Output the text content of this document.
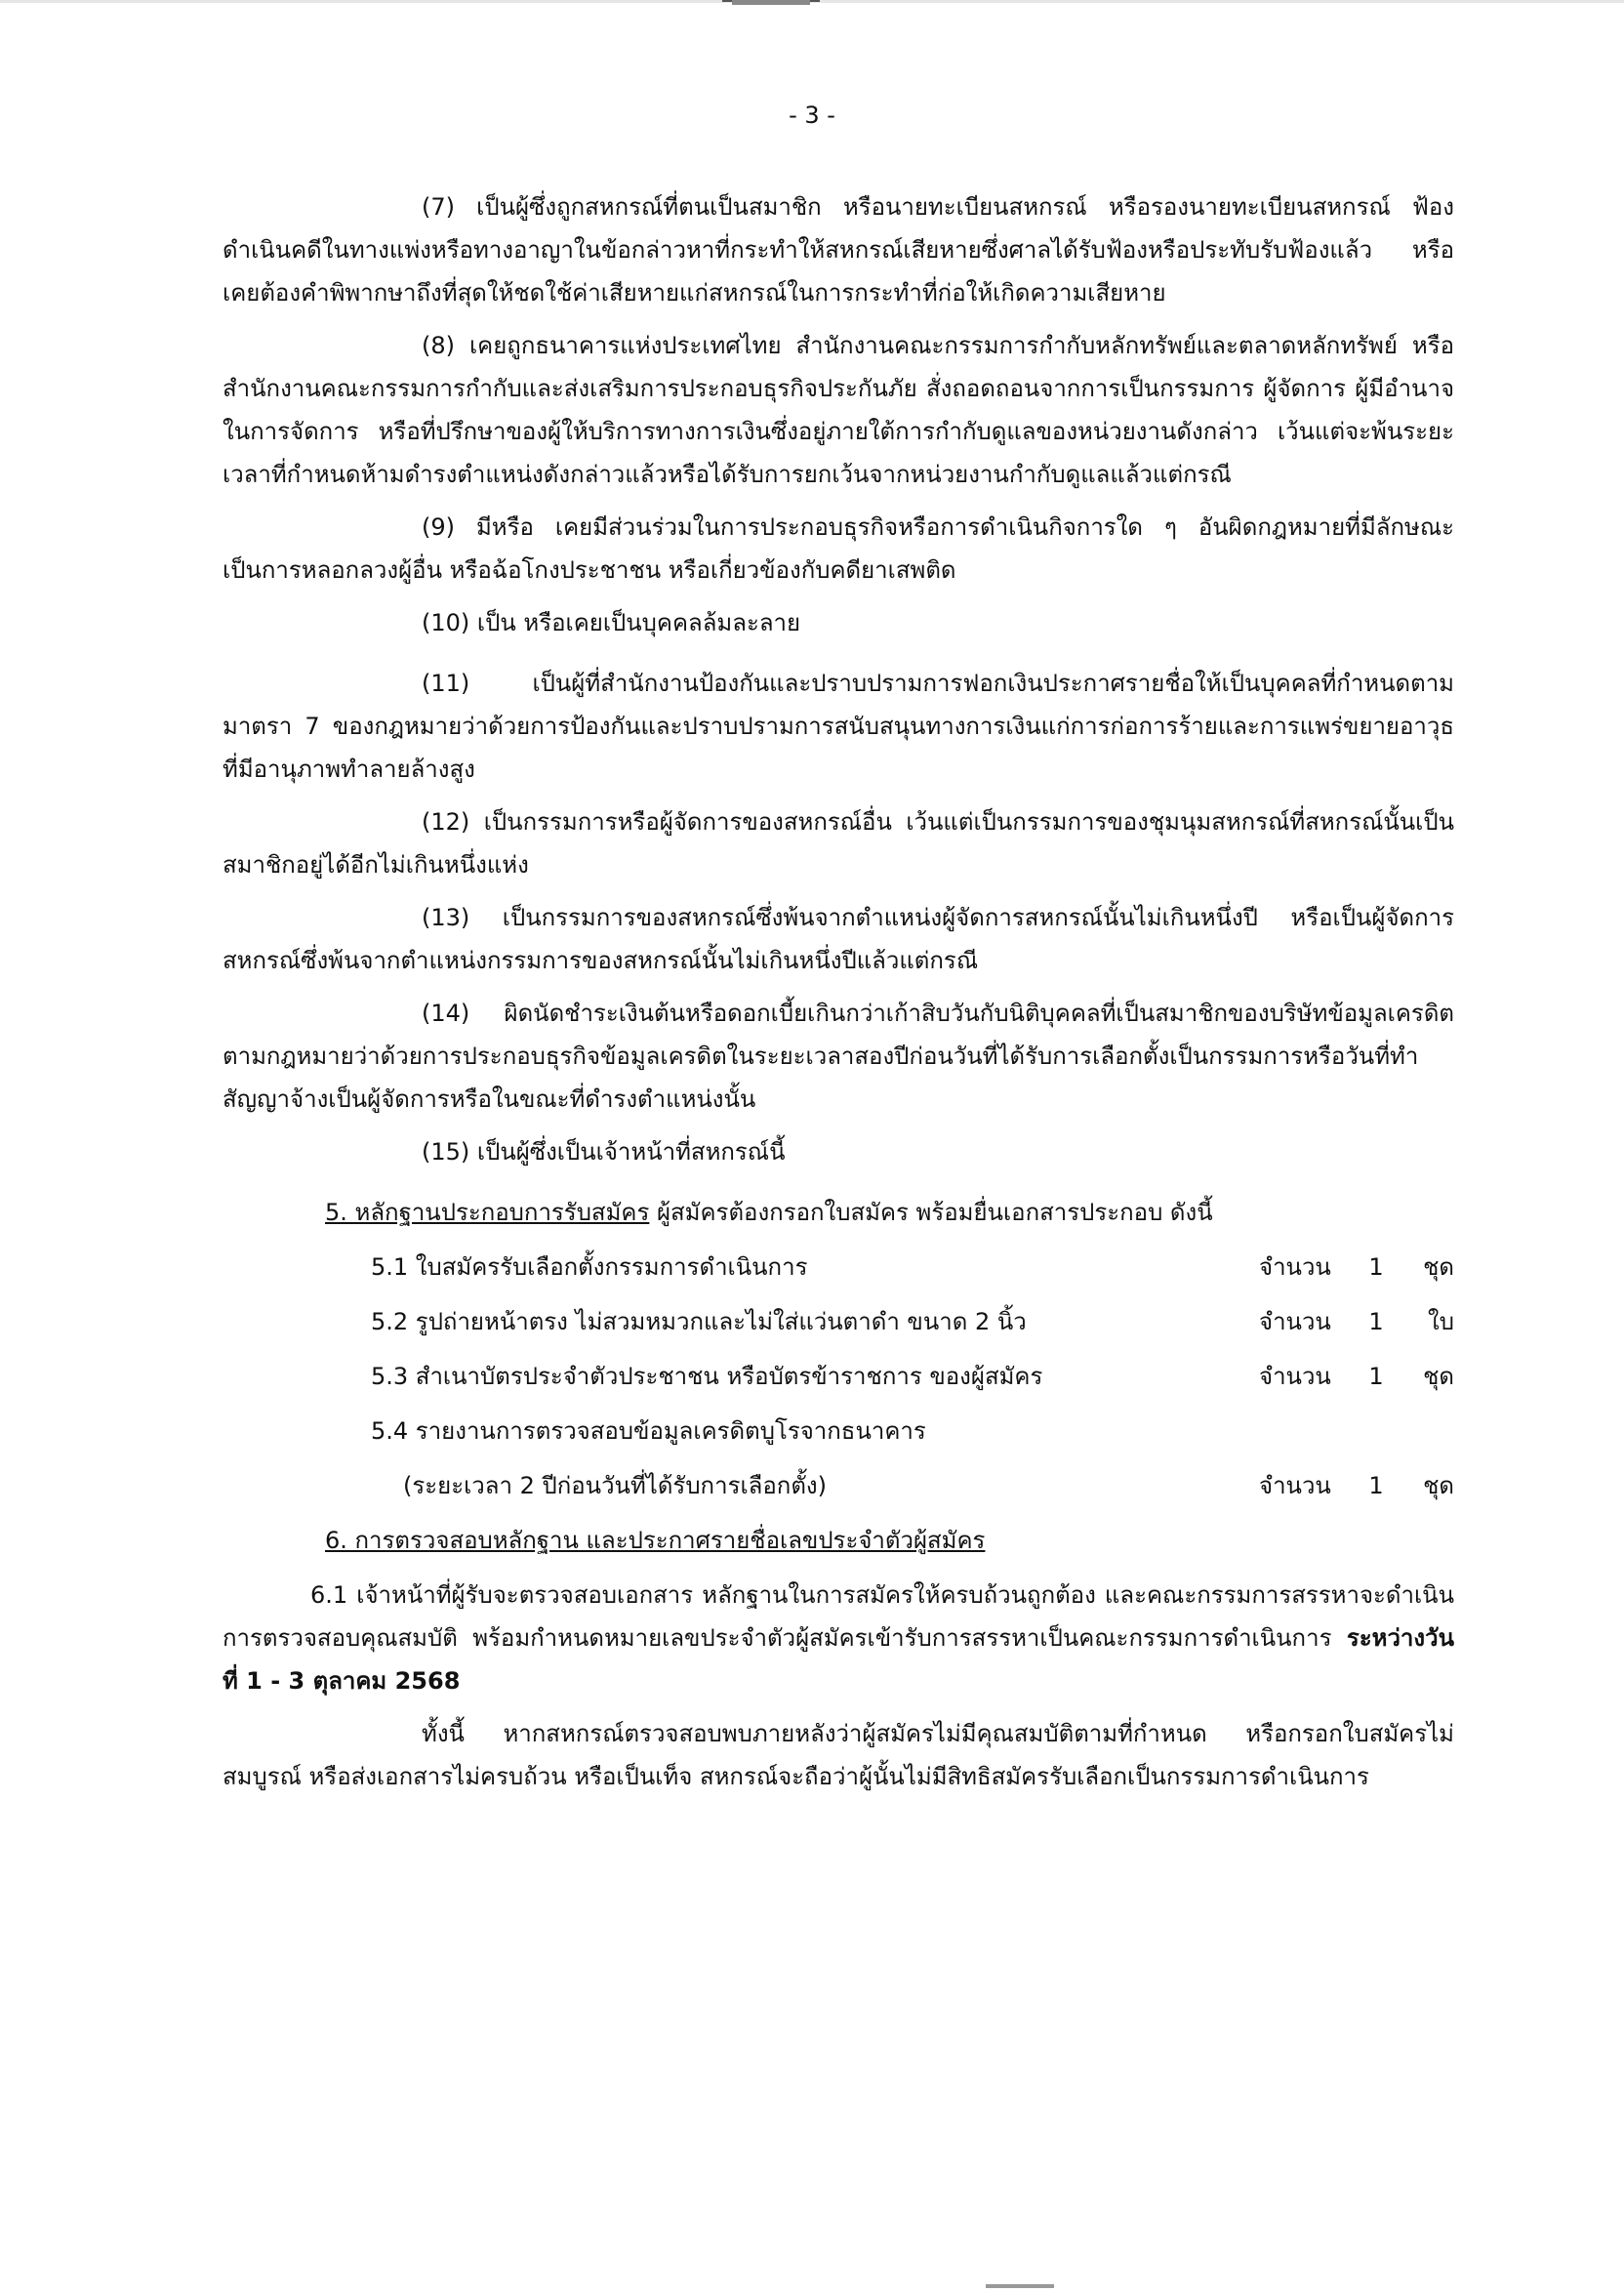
- 3 -

(7) เป็นผู้ซึ่งถูกสหกรณ์ที่ตนเป็นสมาชิก หรือนายทะเบียนสหกรณ์ หรือรองนายทะเบียนสหกรณ์ ฟ้องดำเนินคดีในทางแพ่งหรือทางอาญาในข้อกล่าวหาที่กระทำให้สหกรณ์เสียหายซึ่งศาลได้รับฟ้องหรือประทับรับฟ้องแล้ว หรือเคยต้องคำพิพากษาถึงที่สุดให้ชดใช้ค่าเสียหายแก่สหกรณ์ในการกระทำที่ก่อให้เกิดความเสียหาย

(8) เคยถูกธนาคารแห่งประเทศไทย สำนักงานคณะกรรมการกำกับหลักทรัพย์และตลาดหลักทรัพย์ หรือสำนักงานคณะกรรมการกำกับและส่งเสริมการประกอบธุรกิจประกันภัย สั่งถอดถอนจากการเป็นกรรมการ ผู้จัดการ ผู้มีอำนาจในการจัดการ หรือที่ปรึกษาของผู้ให้บริการทางการเงินซึ่งอยู่ภายใต้การกำกับดูแลของหน่วยงานดังกล่าว เว้นแต่จะพ้นระยะเวลาที่กำหนดห้ามดำรงตำแหน่งดังกล่าวแล้วหรือได้รับการยกเว้นจากหน่วยงานกำกับดูแลแล้วแต่กรณี

(9) มีหรือ เคยมีส่วนร่วมในการประกอบธุรกิจหรือการดำเนินกิจการใด ๆ อันผิดกฎหมายที่มีลักษณะเป็นการหลอกลวงผู้อื่น หรือฉ้อโกงประชาชน หรือเกี่ยวข้องกับคดียาเสพติด

(10) เป็น หรือเคยเป็นบุคคลล้มละลาย

(11) เป็นผู้ที่สำนักงานป้องกันและปราบปรามการฟอกเงินประกาศรายชื่อให้เป็นบุคคลที่กำหนดตามมาตรา 7 ของกฎหมายว่าด้วยการป้องกันและปราบปรามการสนับสนุนทางการเงินแก่การก่อการร้ายและการแพร่ขยายอาวุธที่มีอานุภาพทำลายล้างสูง

(12) เป็นกรรมการหรือผู้จัดการของสหกรณ์อื่น เว้นแต่เป็นกรรมการของชุมนุมสหกรณ์ที่สหกรณ์นั้นเป็นสมาชิกอยู่ได้อีกไม่เกินหนึ่งแห่ง

(13) เป็นกรรมการของสหกรณ์ซึ่งพ้นจากตำแหน่งผู้จัดการสหกรณ์นั้นไม่เกินหนึ่งปี หรือเป็นผู้จัดการสหกรณ์ซึ่งพ้นจากตำแหน่งกรรมการของสหกรณ์นั้นไม่เกินหนึ่งปีแล้วแต่กรณี

(14) ผิดนัดชำระเงินต้นหรือดอกเบี้ยเกินกว่าเก้าสิบวันกับนิติบุคคลที่เป็นสมาชิกของบริษัทข้อมูลเครดิตตามกฎหมายว่าด้วยการประกอบธุรกิจข้อมูลเครดิตในระยะเวลาสองปีก่อนวันที่ได้รับการเลือกตั้งเป็นกรรมการหรือวันที่ทำสัญญาจ้างเป็นผู้จัดการหรือในขณะที่ดำรงตำแหน่งนั้น

(15) เป็นผู้ซึ่งเป็นเจ้าหน้าที่สหกรณ์นี้

5. หลักฐานประกอบการรับสมัคร ผู้สมัครต้องกรอกใบสมัคร พร้อมยื่นเอกสารประกอบ ดังนี้
5.1 ใบสมัครรับเลือกตั้งกรรมการดำเนินการ	จำนวน	1	ชุด
5.2 รูปถ่ายหน้าตรง ไม่สวมหมวกและไม่ใส่แว่นตาดำ ขนาด 2 นิ้ว	จำนวน	1	ใบ
5.3 สำเนาบัตรประจำตัวประชาชน หรือบัตรข้าราชการ ของผู้สมัคร	จำนวน	1	ชุด
5.4 รายงานการตรวจสอบข้อมูลเครดิตบูโรจากธนาคาร
(ระยะเวลา 2 ปีก่อนวันที่ได้รับการเลือกตั้ง)	จำนวน	1	ชุด
6. การตรวจสอบหลักฐาน และประกาศรายชื่อเลขประจำตัวผู้สมัคร

6.1 เจ้าหน้าที่ผู้รับจะตรวจสอบเอกสาร หลักฐานในการสมัครให้ครบถ้วนถูกต้อง และคณะกรรมการสรรหาจะดำเนินการตรวจสอบคุณสมบัติ พร้อมกำหนดหมายเลขประจำตัวผู้สมัครเข้ารับการสรรหาเป็นคณะกรรมการดำเนินการ ระหว่างวันที่ 1 - 3 ตุลาคม 2568

ทั้งนี้ หากสหกรณ์ตรวจสอบพบภายหลังว่าผู้สมัครไม่มีคุณสมบัติตามที่กำหนด หรือกรอกใบสมัครไม่สมบูรณ์ หรือส่งเอกสารไม่ครบถ้วน หรือเป็นเท็จ สหกรณ์จะถือว่าผู้นั้นไม่มีสิทธิสมัครรับเลือกเป็นกรรมการดำเนินการ
